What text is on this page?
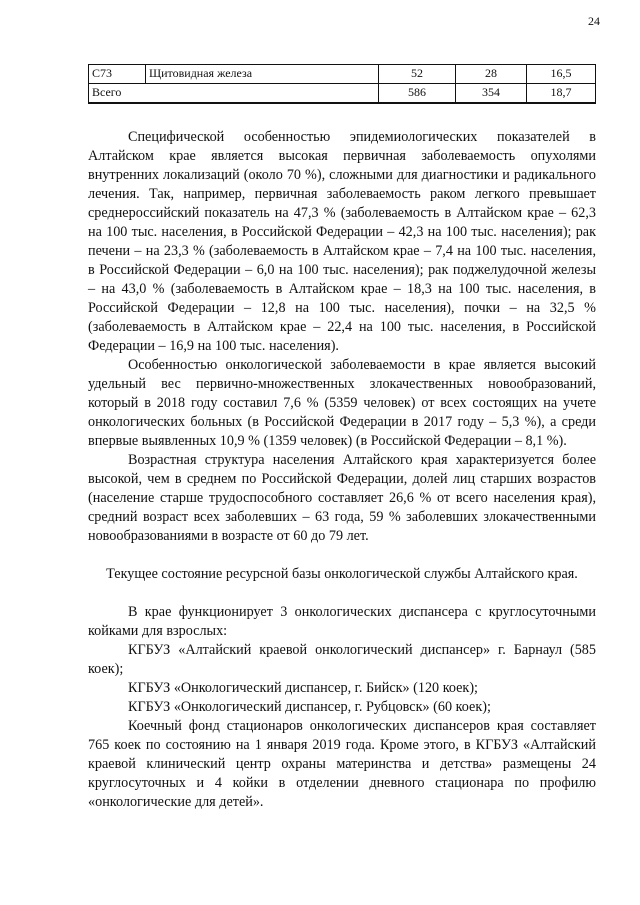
24
С73	Щитовидная железа	52	28	16,5
Всего		586	354	18,7

Специфической особенностью эпидемиологических показателей в Алтайском крае является высокая первичная заболеваемость опухолями внутренних локализаций (около 70 %), сложными для диагностики и радикального лечения. Так, например, первичная заболеваемость раком легкого превышает среднероссийский показатель на 47,3 % (заболеваемость в Алтайском крае – 62,3 на 100 тыс. населения, в Российской Федерации – 42,3 на 100 тыс. населения); рак печени – на 23,3 % (заболеваемость в Алтайском крае – 7,4 на 100 тыс. населения, в Российской Федерации – 6,0 на 100 тыс. населения); рак поджелудочной железы – на 43,0 % (заболеваемость в Алтайском крае – 18,3 на 100 тыс. населения, в Российской Федерации – 12,8 на 100 тыс. населения), почки – на 32,5 % (заболеваемость в Алтайском крае – 22,4 на 100 тыс. населения, в Российской Федерации – 16,9 на 100 тыс. населения).

Особенностью онкологической заболеваемости в крае является высокий удельный вес первично-множественных злокачественных новообразований, который в 2018 году составил 7,6 % (5359 человек) от всех состоящих на учете онкологических больных (в Российской Федерации в 2017 году – 5,3 %), а среди впервые выявленных 10,9 % (1359 человек) (в Российской Федерации – 8,1 %).

Возрастная структура населения Алтайского края характеризуется более высокой, чем в среднем по Российской Федерации, долей лиц старших возрастов (население старше трудоспособного составляет 26,6 % от всего населения края), средний возраст всех заболевших – 63 года, 59 % заболевших злокачественными новообразованиями в возрасте от 60 до 79 лет.

Текущее состояние ресурсной базы онкологической службы Алтайского края.

В крае функционирует 3 онкологических диспансера с круглосуточными койками для взрослых:

КГБУЗ «Алтайский краевой онкологический диспансер» г. Барнаул (585 коек);

КГБУЗ «Онкологический диспансер, г. Бийск» (120 коек);

КГБУЗ «Онкологический диспансер, г. Рубцовск» (60 коек);

Коечный фонд стационаров онкологических диспансеров края составляет 765 коек по состоянию на 1 января 2019 года. Кроме этого, в КГБУЗ «Алтайский краевой клинический центр охраны материнства и детства» размещены 24 круглосуточных и 4 койки в отделении дневного стационара по профилю «онкологические для детей».
